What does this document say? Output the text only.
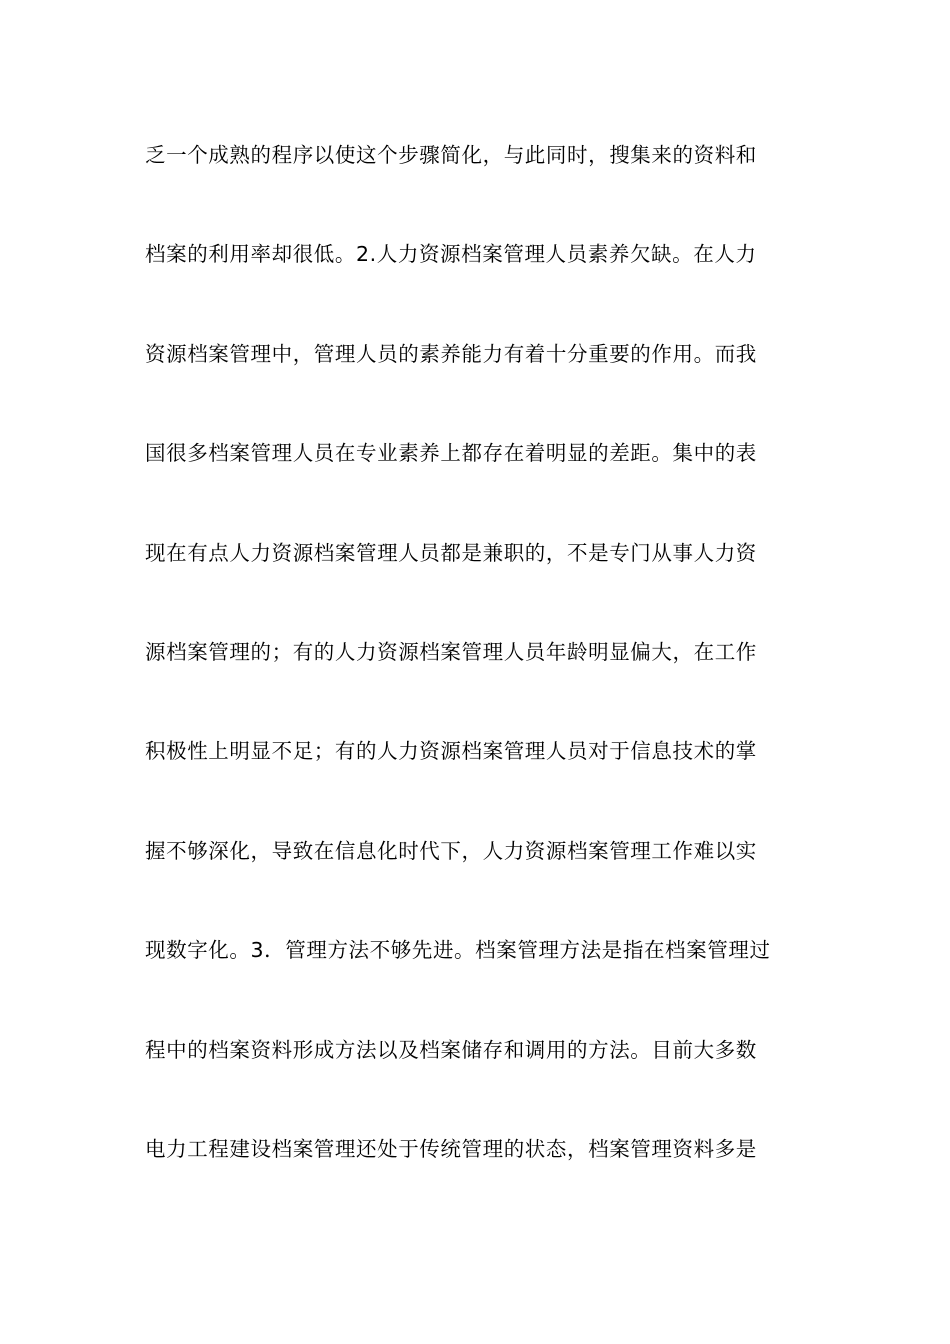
乏一个成熟的程序以使这个步骤简化，与此同时，搜集来的资料和
档案的利用率却很低。2.人力资源档案管理人员素养欠缺。在人力
资源档案管理中，管理人员的素养能力有着十分重要的作用。而我
国很多档案管理人员在专业素养上都存在着明显的差距。集中的表
现在有点人力资源档案管理人员都是兼职的，不是专门从事人力资
源档案管理的；有的人力资源档案管理人员年龄明显偏大，在工作
积极性上明显不足；有的人力资源档案管理人员对于信息技术的掌
握不够深化，导致在信息化时代下，人力资源档案管理工作难以实
现数字化。3．管理方法不够先进。档案管理方法是指在档案管理过
程中的档案资料形成方法以及档案储存和调用的方法。目前大多数
电力工程建设档案管理还处于传统管理的状态，档案管理资料多是
